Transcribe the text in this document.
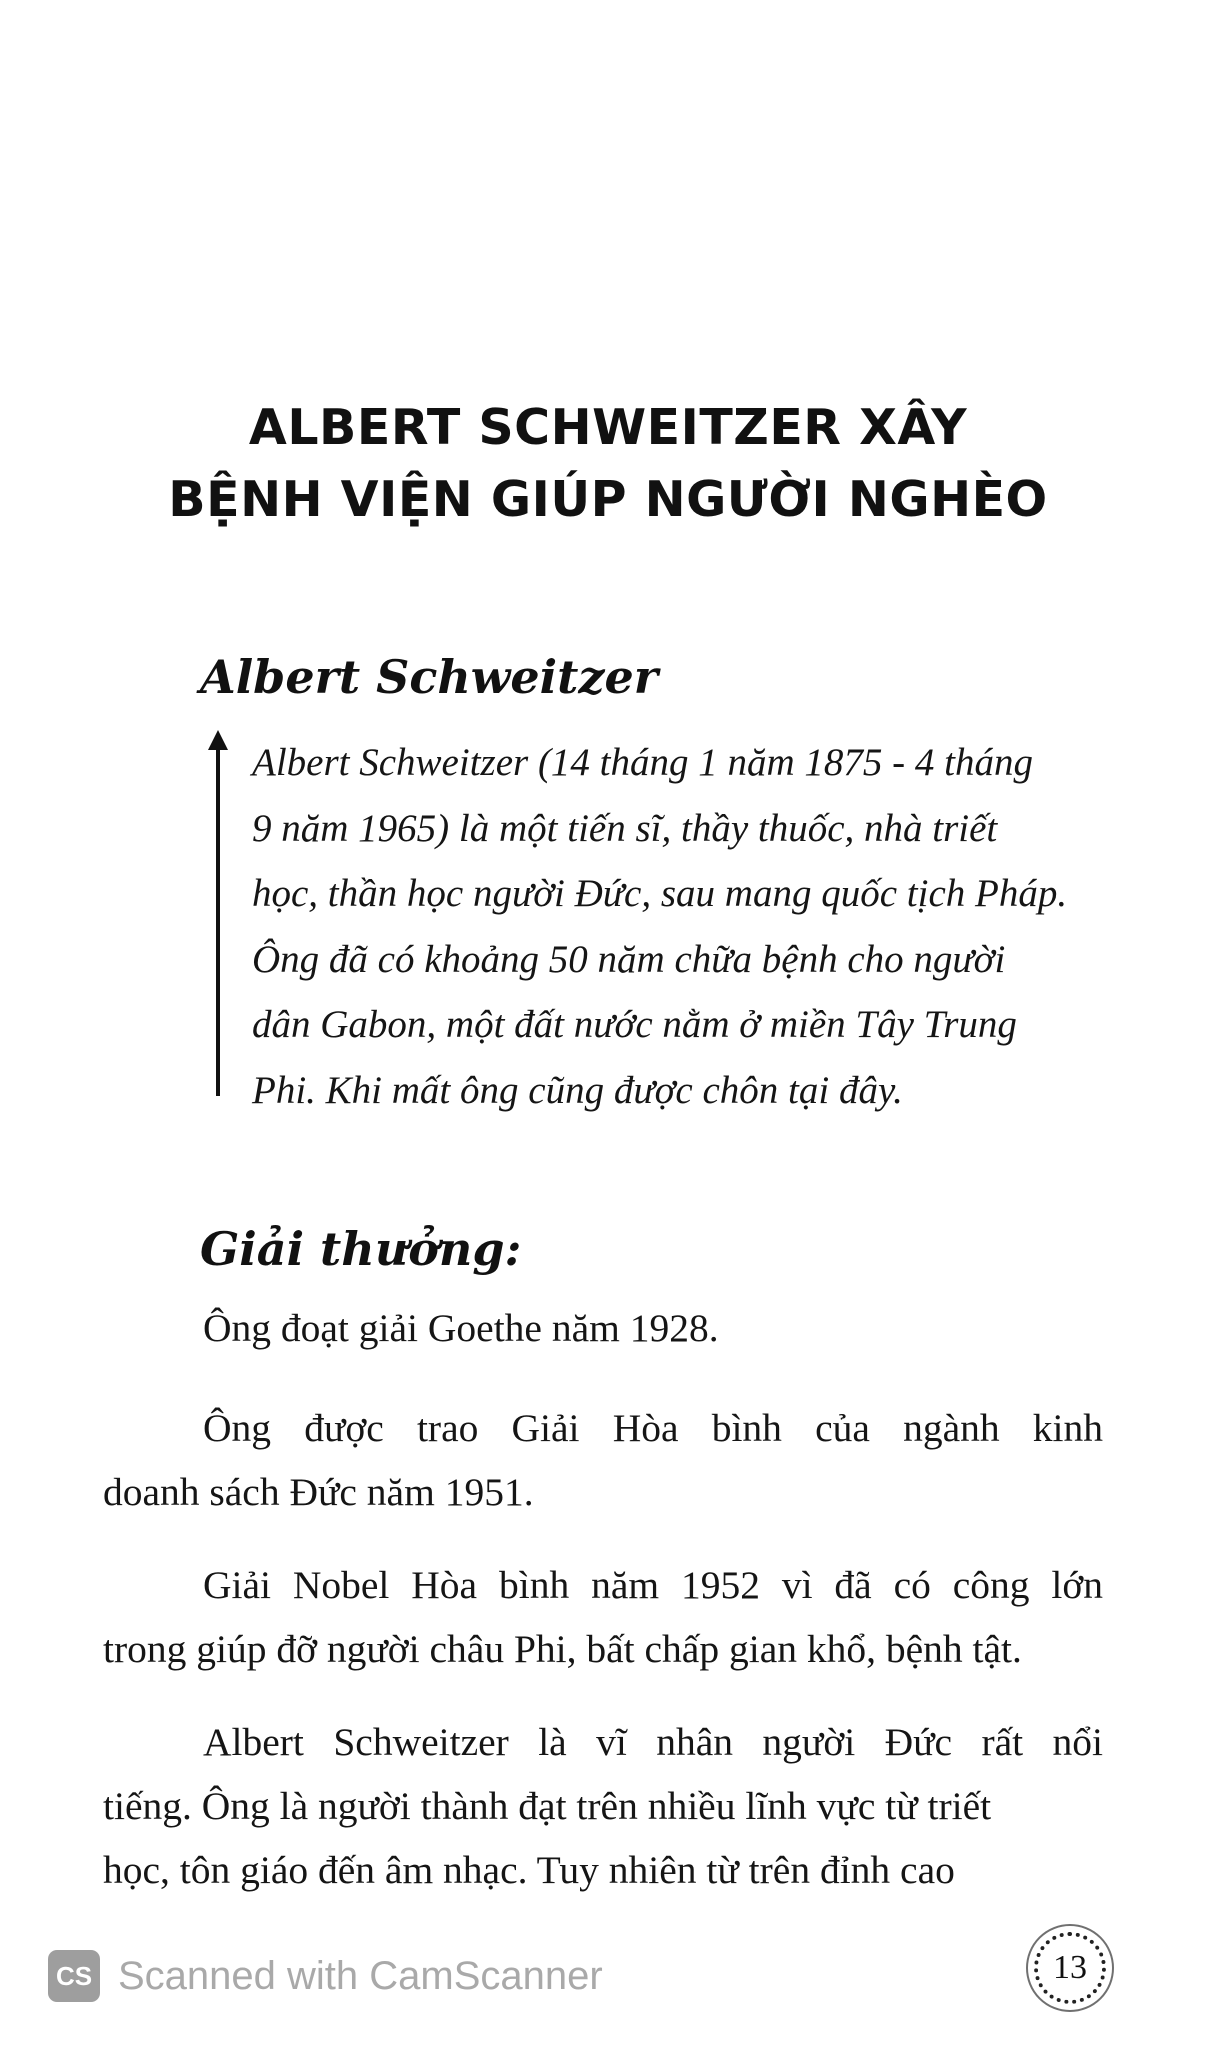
ALBERT SCHWEITZER XÂY
BỆNH VIỆN GIÚP NGƯỜI NGHÈO
Albert Schweitzer
Albert Schweitzer (14 tháng 1 năm 1875 - 4 tháng
9 năm 1965) là một tiến sĩ, thầy thuốc, nhà triết
học, thần học người Đức, sau mang quốc tịch Pháp.
Ông đã có khoảng 50 năm chữa bệnh cho người
dân Gabon, một đất nước nằm ở miền Tây Trung
Phi. Khi mất ông cũng được chôn tại đây.
Giải thưởng:
Ông đoạt giải Goethe năm 1928.
Ông được trao Giải Hòa bình của ngành kinh
doanh sách Đức năm 1951.
Giải Nobel Hòa bình năm 1952 vì đã có công lớn
trong giúp đỡ người châu Phi, bất chấp gian khổ, bệnh tật.
Albert Schweitzer là vĩ nhân người Đức rất nổi
tiếng. Ông là người thành đạt trên nhiều lĩnh vực từ triết
học, tôn giáo đến âm nhạc. Tuy nhiên từ trên đỉnh cao
CS Scanned with CamScanner	13
